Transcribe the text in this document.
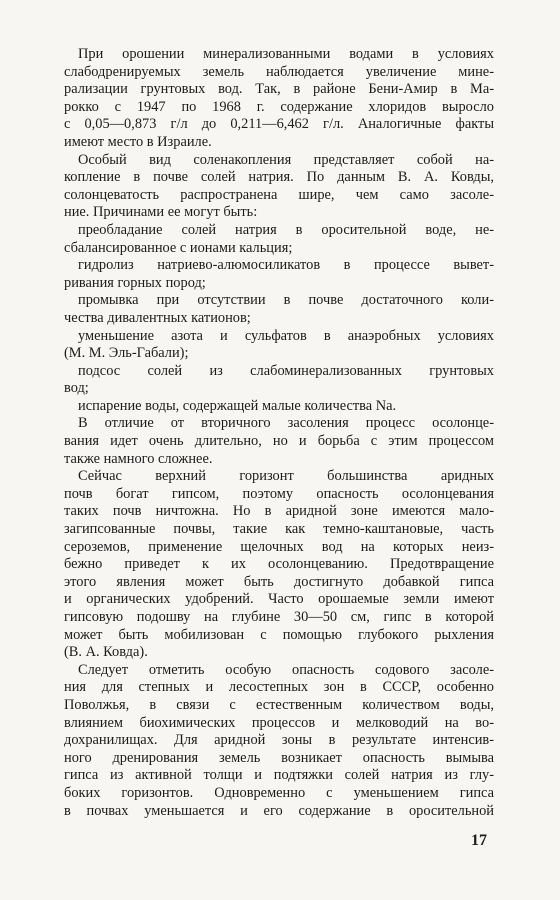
При орошении минерализованными водами в условиях
слабодренируемых земель наблюдается увеличение мине-
рализации грунтовых вод. Так, в районе Бени-Амир в Ма-
рокко с 1947 по 1968 г. содержание хлоридов выросло
с 0,05—0,873 г/л до 0,211—6,462 г/л. Аналогичные факты
имеют место в Израиле.
Особый вид соленакопления представляет собой на-
копление в почве солей натрия. По данным В. А. Ковды,
солонцеватость распространена шире, чем само засоле-
ние. Причинами ее могут быть:
преобладание солей натрия в оросительной воде, не-
сбалансированное с ионами кальция;
гидролиз натриево-алюмосиликатов в процессе вывет-
ривания горных пород;
промывка при отсутствии в почве достаточного коли-
чества дивалентных катионов;
уменьшение азота и сульфатов в анаэробных условиях
(М. М. Эль-Габали);
подсос солей из слабоминерализованных грунтовых
вод;
испарение воды, содержащей малые количества Na.
В отличие от вторичного засоления процесс осолонце-
вания идет очень длительно, но и борьба с этим процессом
также намного сложнее.
Сейчас верхний горизонт большинства аридных
почв богат гипсом, поэтому опасность осолонцевания
таких почв ничтожна. Но в аридной зоне имеются мало-
загипсованные почвы, такие как темно-каштановые, часть
сероземов, применение щелочных вод на которых неиз-
бежно приведет к их осолонцеванию. Предотвращение
этого явления может быть достигнуто добавкой гипса
и органических удобрений. Часто орошаемые земли имеют
гипсовую подошву на глубине 30—50 см, гипс в которой
может быть мобилизован с помощью глубокого рыхления
(В. А. Ковда).
Следует отметить особую опасность содового засоле-
ния для степных и лесостепных зон в СССР, особенно
Поволжья, в связи с естественным количеством воды,
влиянием биохимических процессов и мелководий на во-
дохранилищах. Для аридной зоны в результате интенсив-
ного дренирования земель возникает опасность вымыва
гипса из активной толщи и подтяжки солей натрия из глу-
боких горизонтов. Одновременно с уменьшением гипса
в почвах уменьшается и его содержание в оросительной
17
